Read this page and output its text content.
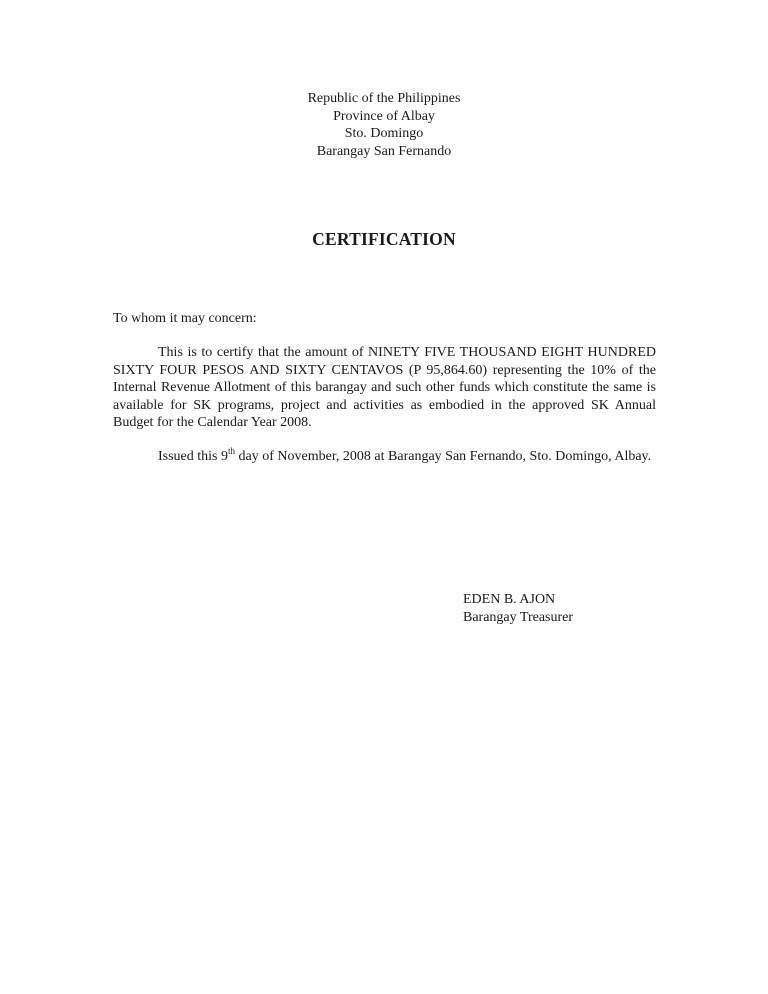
Republic of the Philippines
Province of Albay
Sto. Domingo
Barangay San Fernando
CERTIFICATION
To whom it may concern:

This is to certify that the amount of NINETY FIVE THOUSAND EIGHT HUNDRED SIXTY FOUR PESOS AND SIXTY CENTAVOS (P 95,864.60) representing the 10% of the Internal Revenue Allotment of this barangay and such other funds which constitute the same is available for SK programs, project and activities as embodied in the approved SK Annual Budget for the Calendar Year 2008.

Issued this 9th day of November, 2008 at Barangay San Fernando, Sto. Domingo, Albay.

EDEN B. AJON
Barangay Treasurer
